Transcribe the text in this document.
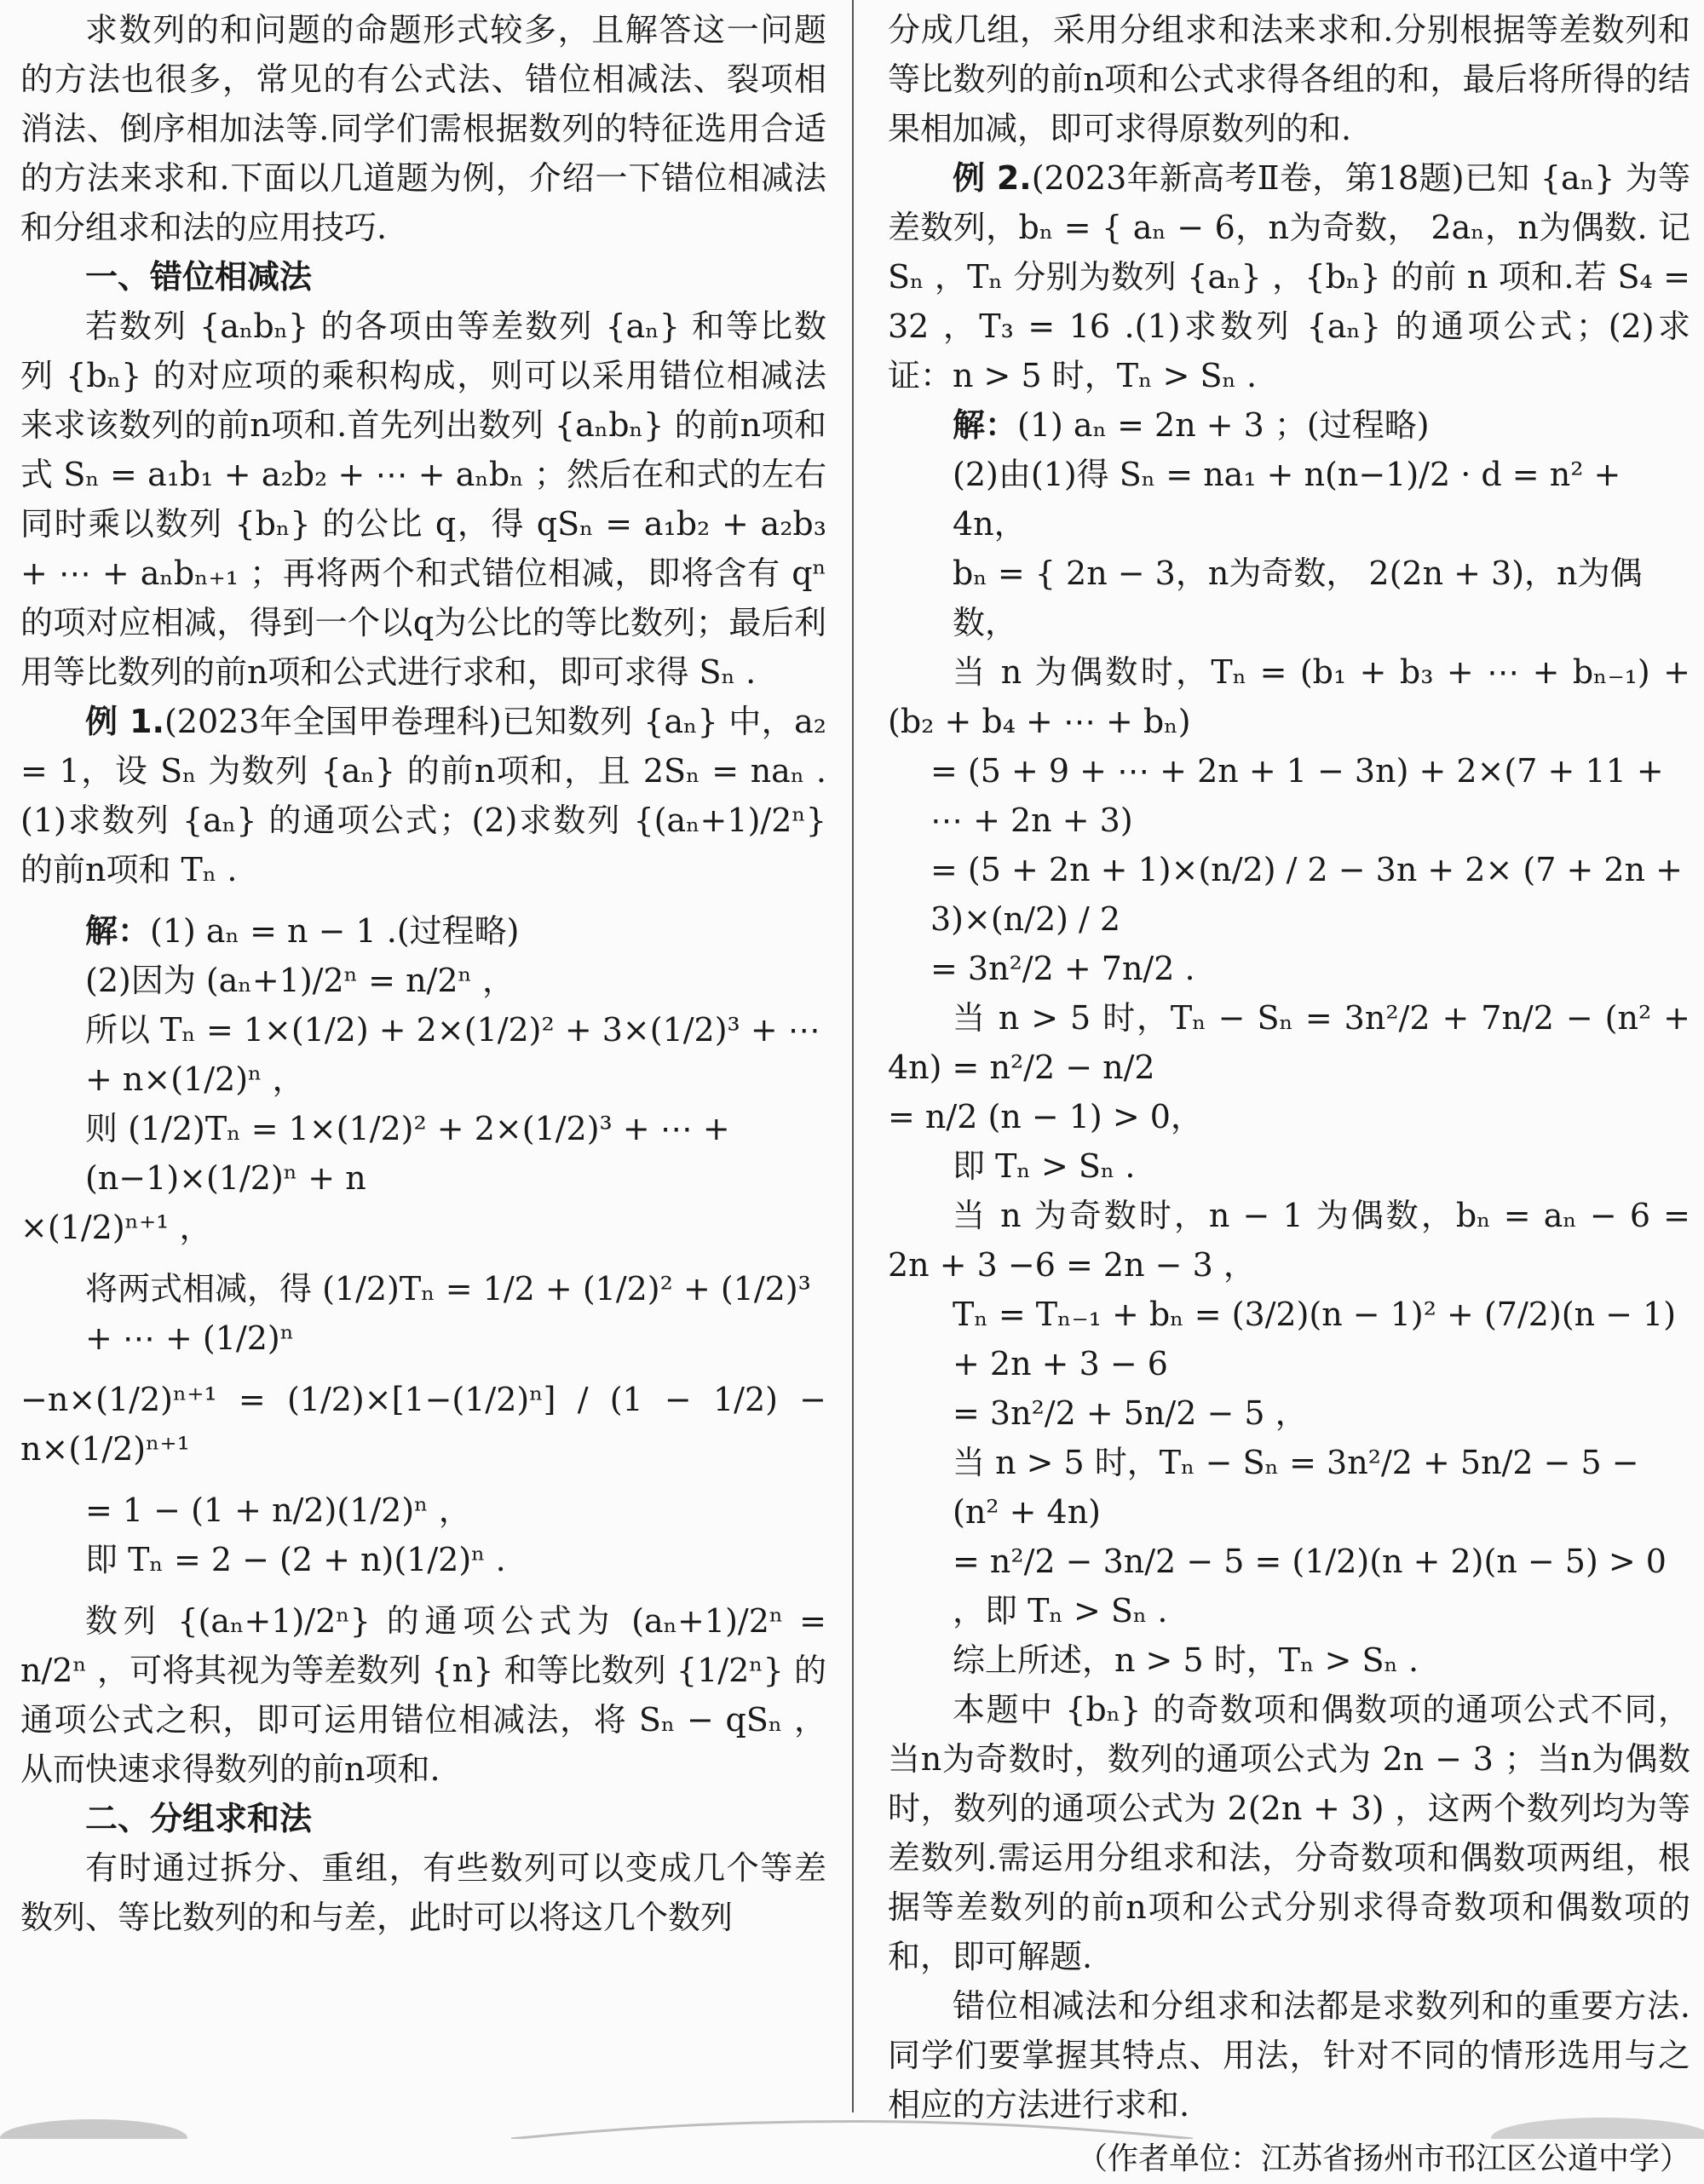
求数列的和问题的命题形式较多，且解答这一问题的方法也很多，常见的有公式法、错位相减法、裂项相消法、倒序相加法等.同学们需根据数列的特征选用合适的方法来求和.下面以几道题为例，介绍一下错位相减法和分组求和法的应用技巧.

一、错位相减法

若数列 {aₙbₙ} 的各项由等差数列 {aₙ} 和等比数列 {bₙ} 的对应项的乘积构成，则可以采用错位相减法来求该数列的前n项和.首先列出数列 {aₙbₙ} 的前n项和式 Sₙ = a₁b₁ + a₂b₂ + ⋯ + aₙbₙ ；然后在和式的左右同时乘以数列 {bₙ} 的公比 q，得 qSₙ = a₁b₂ + a₂b₃ + ⋯ + aₙbₙ₊₁ ；再将两个和式错位相减，即将含有 qⁿ 的项对应相减，得到一个以q为公比的等比数列；最后利用等比数列的前n项和公式进行求和，即可求得 Sₙ .

例 1.(2023年全国甲卷理科)已知数列 {aₙ} 中，a₂ = 1，设 Sₙ 为数列 {aₙ} 的前n项和，且 2Sₙ = naₙ .(1)求数列 {aₙ} 的通项公式；(2)求数列 {(aₙ+1)/2ⁿ} 的前n项和 Tₙ .

解：(1) aₙ = n − 1 .(过程略)

(2)因为 (aₙ+1)/2ⁿ = n/2ⁿ ，

所以 Tₙ = 1×(1/2) + 2×(1/2)² + 3×(1/2)³ + ⋯ + n×(1/2)ⁿ ，

则 (1/2)Tₙ = 1×(1/2)² + 2×(1/2)³ + ⋯ + (n−1)×(1/2)ⁿ + n

×(1/2)ⁿ⁺¹ ，

将两式相减，得 (1/2)Tₙ = 1/2 + (1/2)² + (1/2)³ + ⋯ + (1/2)ⁿ

−n×(1/2)ⁿ⁺¹ = (1/2)×[1−(1/2)ⁿ] / (1 − 1/2) − n×(1/2)ⁿ⁺¹

= 1 − (1 + n/2)(1/2)ⁿ ，

即 Tₙ = 2 − (2 + n)(1/2)ⁿ .

数列 {(aₙ+1)/2ⁿ} 的通项公式为 (aₙ+1)/2ⁿ = n/2ⁿ ，可将其视为等差数列 {n} 和等比数列 {1/2ⁿ} 的通项公式之积，即可运用错位相减法，将 Sₙ − qSₙ ，从而快速求得数列的前n项和.

二、分组求和法

有时通过拆分、重组，有些数列可以变成几个等差数列、等比数列的和与差，此时可以将这几个数列

分成几组，采用分组求和法来求和.分别根据等差数列和等比数列的前n项和公式求得各组的和，最后将所得的结果相加减，即可求得原数列的和.

例 2.(2023年新高考Ⅱ卷，第18题)已知 {aₙ} 为等差数列，bₙ = { aₙ − 6，n为奇数， 2aₙ，n为偶数. 记 Sₙ ，Tₙ 分别为数列 {aₙ} ，{bₙ} 的前 n 项和.若 S₄ = 32 ，T₃ = 16 .(1)求数列 {aₙ} 的通项公式；(2)求证：n > 5 时，Tₙ > Sₙ .

解：(1) aₙ = 2n + 3 ；(过程略)

(2)由(1)得 Sₙ = na₁ + n(n−1)/2 · d = n² + 4n，

bₙ = { 2n − 3，n为奇数， 2(2n + 3)，n为偶数，

当 n 为偶数时，Tₙ = (b₁ + b₃ + ⋯ + bₙ₋₁) + (b₂ + b₄ + ⋯ + bₙ)

= (5 + 9 + ⋯ + 2n + 1 − 3n) + 2×(7 + 11 + ⋯ + 2n + 3)

= (5 + 2n + 1)×(n/2) / 2 − 3n + 2× (7 + 2n + 3)×(n/2) / 2

= 3n²/2 + 7n/2 .

当 n > 5 时，Tₙ − Sₙ = 3n²/2 + 7n/2 − (n² + 4n) = n²/2 − n/2

= n/2 (n − 1) > 0，

即 Tₙ > Sₙ .

当 n 为奇数时，n − 1 为偶数，bₙ = aₙ − 6 = 2n + 3 −6 = 2n − 3 ，

Tₙ = Tₙ₋₁ + bₙ = (3/2)(n − 1)² + (7/2)(n − 1) + 2n + 3 − 6

= 3n²/2 + 5n/2 − 5 ，

当 n > 5 时，Tₙ − Sₙ = 3n²/2 + 5n/2 − 5 − (n² + 4n)

= n²/2 − 3n/2 − 5 = (1/2)(n + 2)(n − 5) > 0 ，即 Tₙ > Sₙ .

综上所述，n > 5 时，Tₙ > Sₙ .

本题中 {bₙ} 的奇数项和偶数项的通项公式不同，当n为奇数时，数列的通项公式为 2n − 3 ；当n为偶数时，数列的通项公式为 2(2n + 3) ，这两个数列均为等差数列.需运用分组求和法，分奇数项和偶数项两组，根据等差数列的前n项和公式分别求得奇数项和偶数项的和，即可解题.

错位相减法和分组求和法都是求数列和的重要方法.同学们要掌握其特点、用法，针对不同的情形选用与之相应的方法进行求和.

（作者单位：江苏省扬州市邗江区公道中学）
